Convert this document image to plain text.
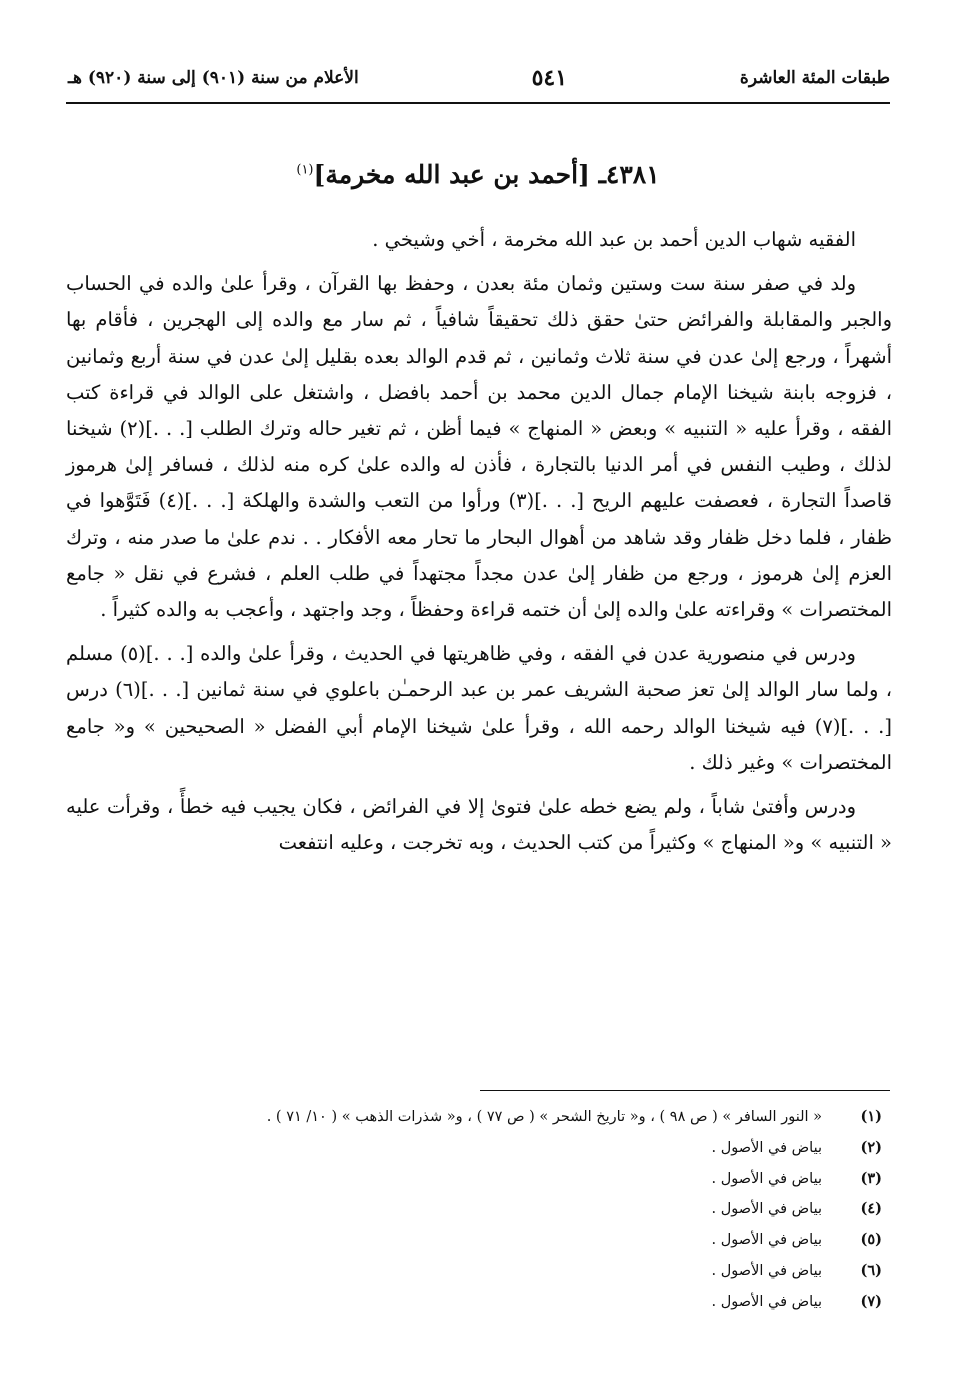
طبقات المئة العاشرة
٥٤١
الأعلام من سنة (٩٠١) إلى سنة (٩٢٠) هـ
٤٣٨١ـ [أحمد بن عبد الله مخرمة]$^{(١)}$

الفقيه شهاب الدين أحمد بن عبد الله مخرمة ، أخي وشيخي .

ولد في صفر سنة ست وستين وثمان مئة بعدن ، وحفظ بها القرآن ، وقرأ علىٰ والده في الحساب والجبر والمقابلة والفرائض حتىٰ حقق ذلك تحقيقاً شافياً ، ثم سار مع والده إلى الهجرين ، فأقام بها أشهراً ، ورجع إلىٰ عدن في سنة ثلاث وثمانين ، ثم قدم الوالد بعده بقليل إلىٰ عدن في سنة أربع وثمانين ، فزوجه بابنة شيخنا الإمام جمال الدين محمد بن أحمد بافضل ، واشتغل على الوالد في قراءة كتب الفقه ، وقرأ عليه « التنبيه » وبعض « المنهاج » فيما أظن ، ثم تغير حاله وترك الطلب [. . .](٢) شيخنا لذلك ، وطيب النفس في أمر الدنيا بالتجارة ، فأذن له والده علىٰ كره منه لذلك ، فسافر إلىٰ هرموز قاصداً التجارة ، فعصفت عليهم الريح [. . .](٣) ورأوا من التعب والشدة والهلكة [. . .](٤) فَتَوَّهوا في ظفار ، فلما دخل ظفار وقد شاهد من أهوال البحار ما تحار معه الأفكار . . ندم علىٰ ما صدر منه ، وترك العزم إلىٰ هرموز ، ورجع من ظفار إلىٰ عدن مجداً مجتهداً في طلب العلم ، فشرع في نقل « جامع المختصرات » وقراءته علىٰ والده إلىٰ أن ختمه قراءة وحفظاً ، وجد واجتهد ، وأعجب به والده كثيراً .

ودرس في منصورية عدن في الفقه ، وفي ظاهريتها في الحديث ، وقرأ علىٰ والده [. . .](٥) مسلم ، ولما سار الوالد إلىٰ تعز صحبة الشريف عمر بن عبد الرحمـٰن باعلوي في سنة ثمانين [. . .](٦) درس [. . .](٧) فيه شيخنا الوالد رحمه الله ، وقرأ علىٰ شيخنا الإمام أبي الفضل « الصحيحين » و« جامع المختصرات » وغير ذلك .

ودرس وأفتىٰ شاباً ، ولم يضع خطه علىٰ فتوىٰ إلا في الفرائض ، فكان يجيب فيه خطأً ، وقرأت عليه « التنبيه » و« المنهاج » وكثيراً من كتب الحديث ، وبه تخرجت ، وعليه انتفعت

(١)
« النور السافر » ( ص ٩٨ ) ، و« تاريخ الشحر » ( ص ٧٧ ) ، و« شذرات الذهب » ( ١٠/ ٧١ ) .
(٢)
بياض في الأصول .
(٣)
بياض في الأصول .
(٤)
بياض في الأصول .
(٥)
بياض في الأصول .
(٦)
بياض في الأصول .
(٧)
بياض في الأصول .
